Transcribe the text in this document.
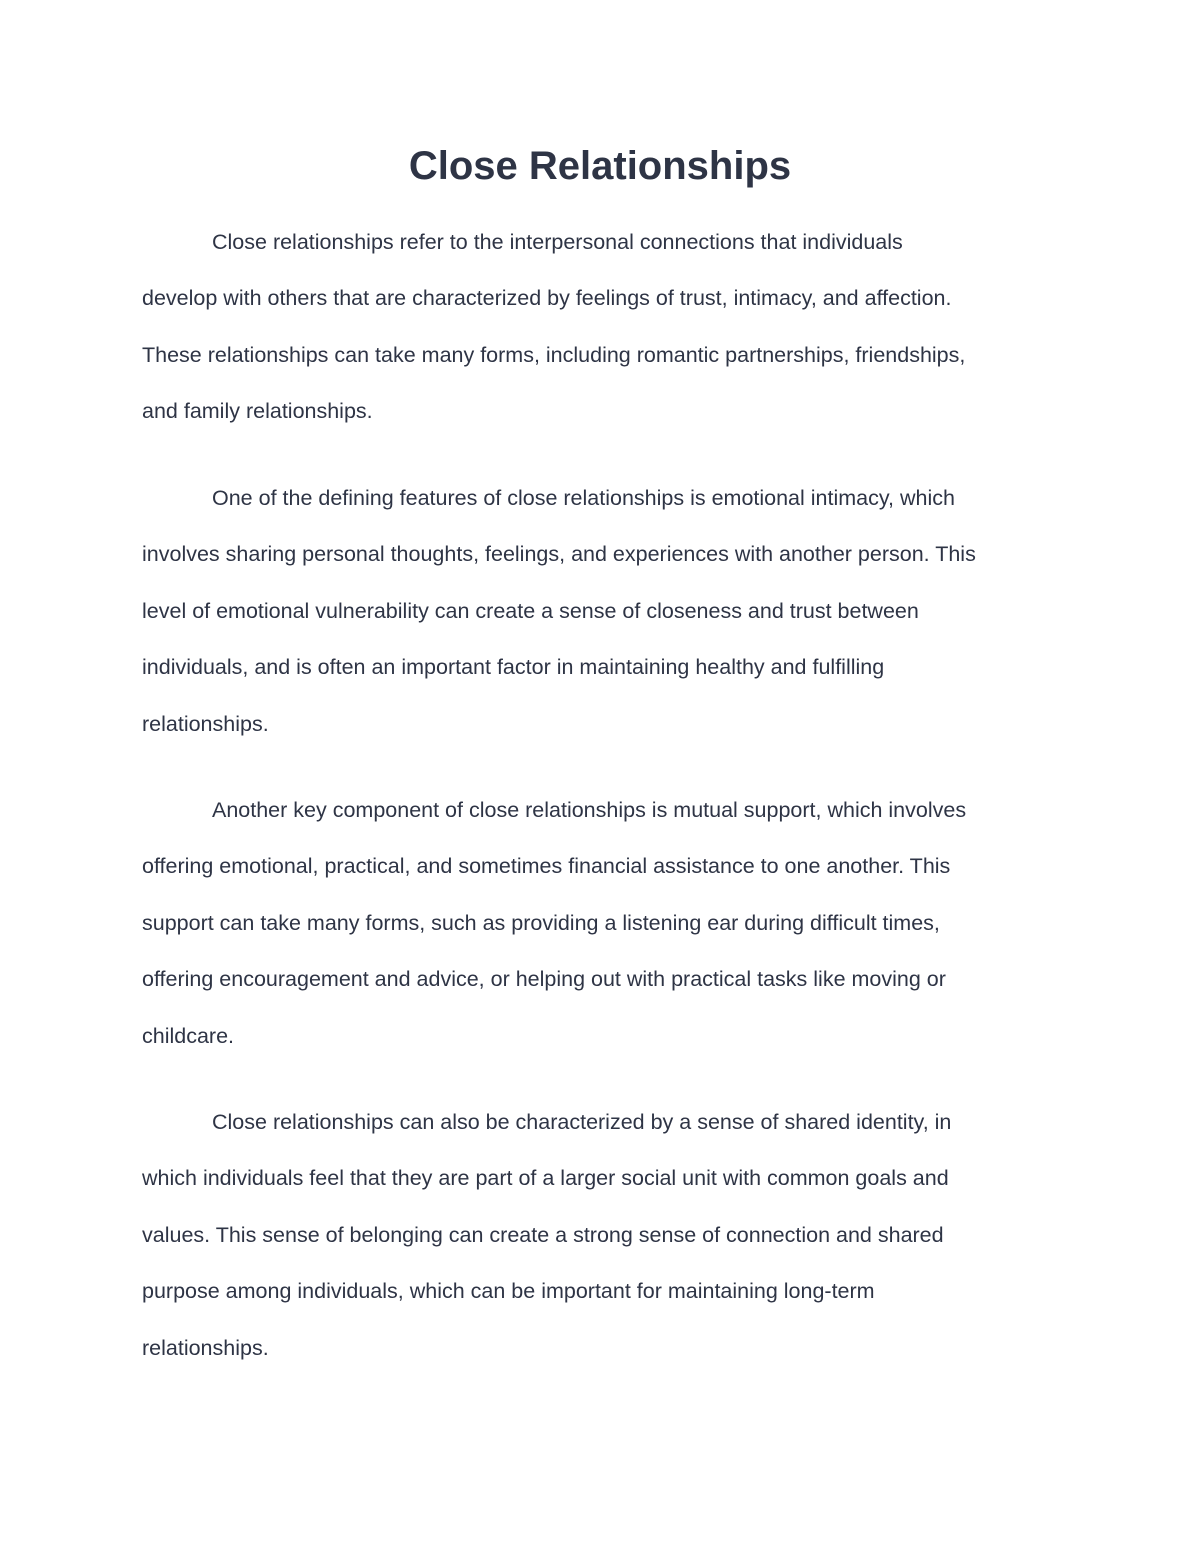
Close Relationships

Close relationships refer to the interpersonal connections that individuals
develop with others that are characterized by feelings of trust, intimacy, and affection.
These relationships can take many forms, including romantic partnerships, friendships,
and family relationships.

One of the defining features of close relationships is emotional intimacy, which
involves sharing personal thoughts, feelings, and experiences with another person. This
level of emotional vulnerability can create a sense of closeness and trust between
individuals, and is often an important factor in maintaining healthy and fulfilling
relationships.

Another key component of close relationships is mutual support, which involves
offering emotional, practical, and sometimes financial assistance to one another. This
support can take many forms, such as providing a listening ear during difficult times,
offering encouragement and advice, or helping out with practical tasks like moving or
childcare.

Close relationships can also be characterized by a sense of shared identity, in
which individuals feel that they are part of a larger social unit with common goals and
values. This sense of belonging can create a strong sense of connection and shared
purpose among individuals, which can be important for maintaining long-term
relationships.
